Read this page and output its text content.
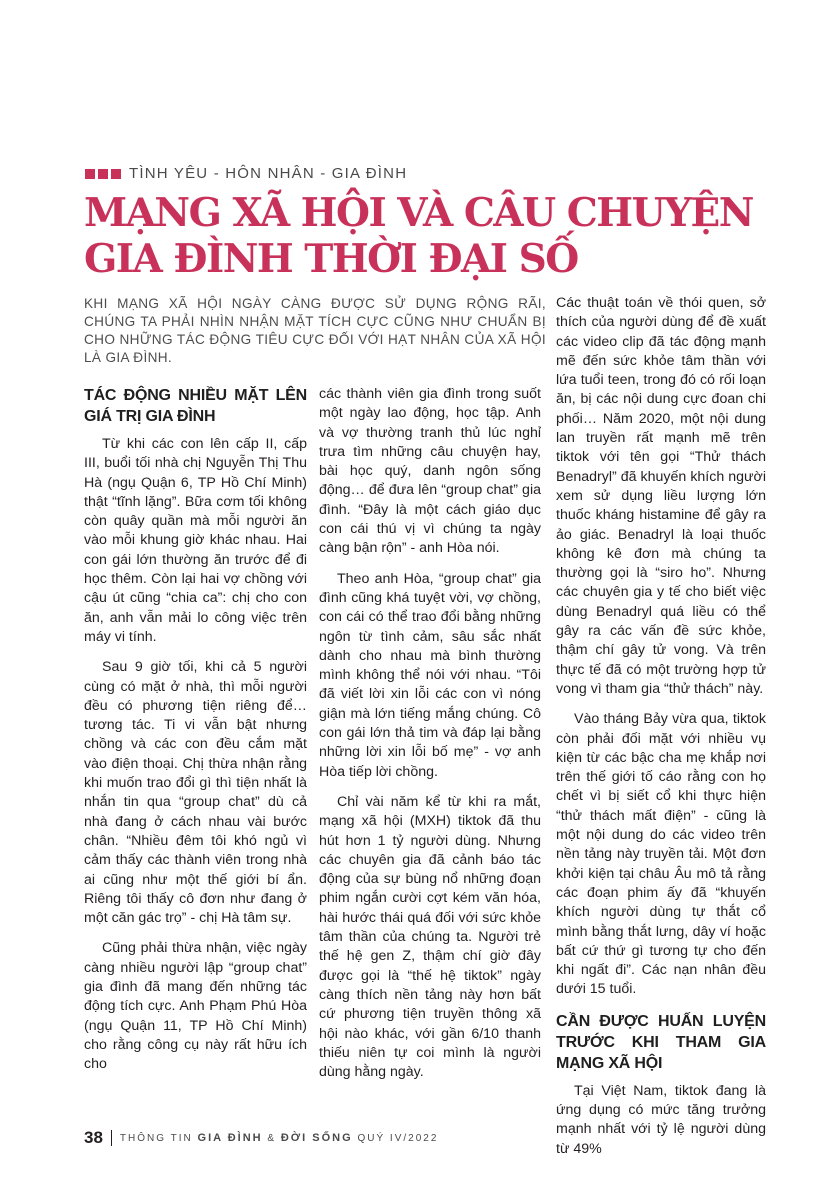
TÌNH YÊU - HÔN NHÂN - GIA ĐÌNH
MẠNG XÃ HỘI VÀ CÂU CHUYỆN
GIA ĐÌNH THỜI ĐẠI SỐ

KHI MẠNG XÃ HỘI NGÀY CÀNG ĐƯỢC SỬ DỤNG RỘNG RÃI, CHÚNG TA PHẢI NHÌN NHẬN MẶT TÍCH CỰC CŨNG NHƯ CHUẨN BỊ CHO NHỮNG TÁC ĐỘNG TIÊU CỰC ĐỐI VỚI HẠT NHÂN CỦA XÃ HỘI LÀ GIA ĐÌNH.

TÁC ĐỘNG NHIỀU MẶT LÊN GIÁ TRỊ GIA ĐÌNH

Từ khi các con lên cấp II, cấp III, buổi tối nhà chị Nguyễn Thị Thu Hà (ngụ Quận 6, TP Hồ Chí Minh) thật “tĩnh lặng”. Bữa cơm tối không còn quây quần mà mỗi người ăn vào mỗi khung giờ khác nhau. Hai con gái lớn thường ăn trước để đi học thêm. Còn lại hai vợ chồng với cậu út cũng “chia ca”: chị cho con ăn, anh vẫn mải lo công việc trên máy vi tính.

Sau 9 giờ tối, khi cả 5 người cùng có mặt ở nhà, thì mỗi người đều có phương tiện riêng để… tương tác. Ti vi vẫn bật nhưng chồng và các con đều cắm mặt vào điện thoại. Chị thừa nhận rằng khi muốn trao đổi gì thì tiện nhất là nhắn tin qua “group chat” dù cả nhà đang ở cách nhau vài bước chân. “Nhiều đêm tôi khó ngủ vì cảm thấy các thành viên trong nhà ai cũng như một thế giới bí ẩn. Riêng tôi thấy cô đơn như đang ở một căn gác trọ” - chị Hà tâm sự.

Cũng phải thừa nhận, việc ngày càng nhiều người lập “group chat” gia đình đã mang đến những tác động tích cực. Anh Phạm Phú Hòa (ngụ Quận 11, TP Hồ Chí Minh) cho rằng công cụ này rất hữu ích cho

các thành viên gia đình trong suốt một ngày lao động, học tập. Anh và vợ thường tranh thủ lúc nghỉ trưa tìm những câu chuyện hay, bài học quý, danh ngôn sống động… để đưa lên “group chat” gia đình. “Đây là một cách giáo dục con cái thú vị vì chúng ta ngày càng bận rộn” - anh Hòa nói.

Theo anh Hòa, “group chat” gia đình cũng khá tuyệt vời, vợ chồng, con cái có thể trao đổi bằng những ngôn từ tình cảm, sâu sắc nhất dành cho nhau mà bình thường mình không thể nói với nhau. “Tôi đã viết lời xin lỗi các con vì nóng giận mà lớn tiếng mắng chúng. Cô con gái lớn thả tim và đáp lại bằng những lời xin lỗi bố mẹ” - vợ anh Hòa tiếp lời chồng.

Chỉ vài năm kể từ khi ra mắt, mạng xã hội (MXH) tiktok đã thu hút hơn 1 tỷ người dùng. Nhưng các chuyên gia đã cảnh báo tác động của sự bùng nổ những đoạn phim ngắn cười cợt kém văn hóa, hài hước thái quá đối với sức khỏe tâm thần của chúng ta. Người trẻ thế hệ gen Z, thậm chí giờ đây được gọi là “thế hệ tiktok” ngày càng thích nền tảng này hơn bất cứ phương tiện truyền thông xã hội nào khác, với gần 6/10 thanh thiếu niên tự coi mình là người dùng hằng ngày.

Các thuật toán về thói quen, sở thích của người dùng để đề xuất các video clip đã tác động mạnh mẽ đến sức khỏe tâm thần với lứa tuổi teen, trong đó có rối loạn ăn, bị các nội dung cực đoan chi phối… Năm 2020, một nội dung lan truyền rất mạnh mẽ trên tiktok với tên gọi “Thử thách Benadryl” đã khuyến khích người xem sử dụng liều lượng lớn thuốc kháng histamine để gây ra ảo giác. Benadryl là loại thuốc không kê đơn mà chúng ta thường gọi là “siro ho”. Nhưng các chuyên gia y tế cho biết việc dùng Benadryl quá liều có thể gây ra các vấn đề sức khỏe, thậm chí gây tử vong. Và trên thực tế đã có một trường hợp tử vong vì tham gia “thử thách” này.

Vào tháng Bảy vừa qua, tiktok còn phải đối mặt với nhiều vụ kiện từ các bậc cha mẹ khắp nơi trên thế giới tố cáo rằng con họ chết vì bị siết cổ khi thực hiện “thử thách mất điện” - cũng là một nội dung do các video trên nền tảng này truyền tải. Một đơn khởi kiện tại châu Âu mô tả rằng các đoạn phim ấy đã “khuyến khích người dùng tự thắt cổ mình bằng thắt lưng, dây ví hoặc bất cứ thứ gì tương tự cho đến khi ngất đi”. Các nạn nhân đều dưới 15 tuổi.

CẦN ĐƯỢC HUẤN LUYỆN TRƯỚC KHI THAM GIA MẠNG XÃ HỘI

Tại Việt Nam, tiktok đang là ứng dụng có mức tăng trưởng mạnh nhất với tỷ lệ người dùng từ 49%

38 THÔNG TIN GIA ĐÌNH & ĐỜI SỐNG QUÝ IV/2022
